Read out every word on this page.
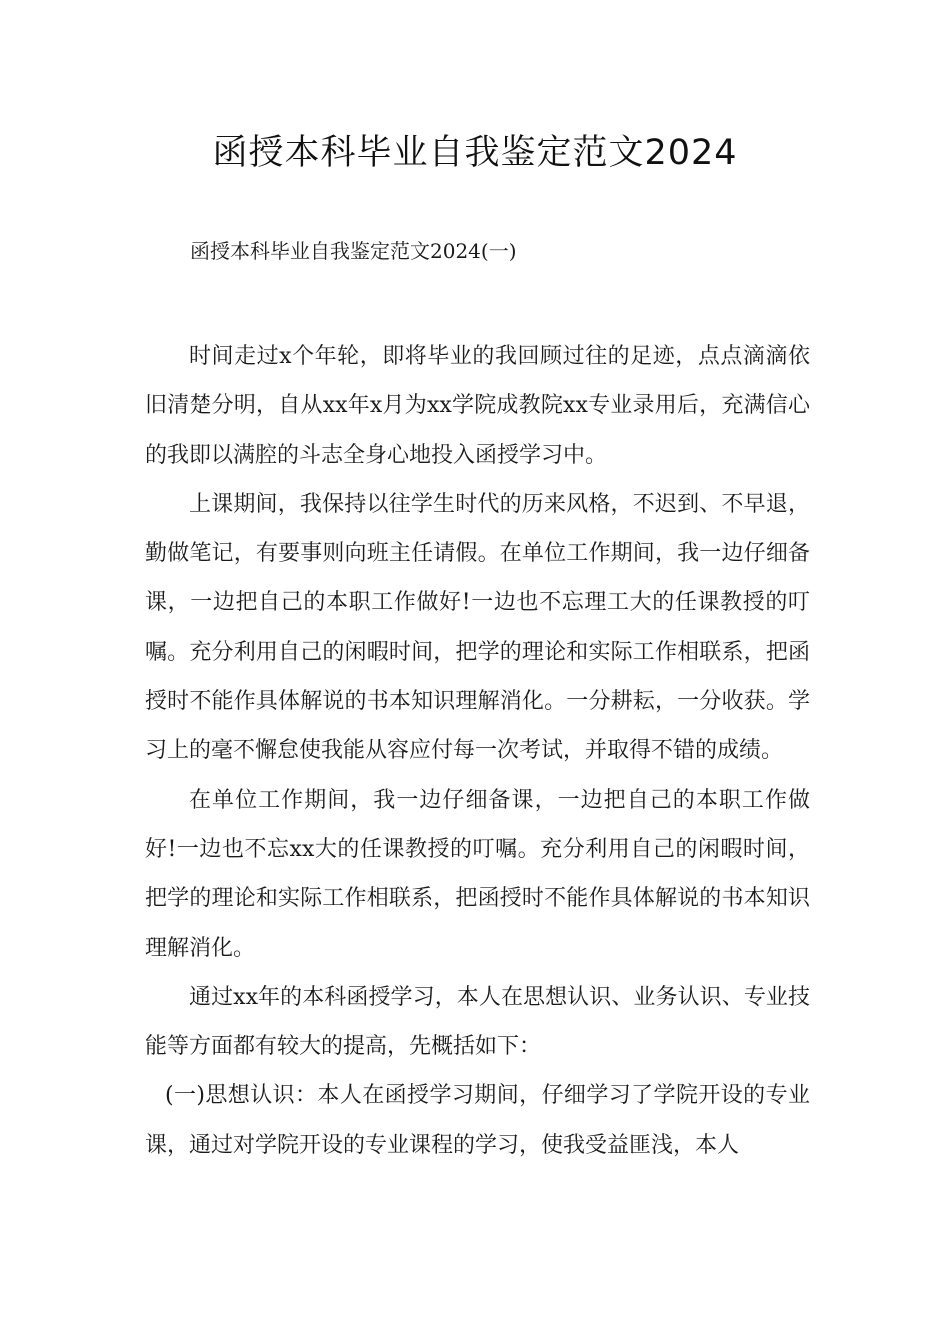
函授本科毕业自我鉴定范文2024
函授本科毕业自我鉴定范文2024(一)

时间走过x个年轮，即将毕业的我回顾过往的足迹，点点滴滴依旧清楚分明，自从xx年x月为xx学院成教院xx专业录用后，充满信心的我即以满腔的斗志全身心地投入函授学习中。

上课期间，我保持以往学生时代的历来风格，不迟到、不早退，勤做笔记，有要事则向班主任请假。在单位工作期间，我一边仔细备课，一边把自己的本职工作做好!一边也不忘理工大的任课教授的叮嘱。充分利用自己的闲暇时间，把学的理论和实际工作相联系，把函授时不能作具体解说的书本知识理解消化。一分耕耘，一分收获。学习上的毫不懈怠使我能从容应付每一次考试，并取得不错的成绩。

在单位工作期间，我一边仔细备课，一边把自己的本职工作做好!一边也不忘xx大的任课教授的叮嘱。充分利用自己的闲暇时间，把学的理论和实际工作相联系，把函授时不能作具体解说的书本知识理解消化。

通过xx年的本科函授学习，本人在思想认识、业务认识、专业技能等方面都有较大的提高，先概括如下：

(一)思想认识：本人在函授学习期间，仔细学习了学院开设的专业课，通过对学院开设的专业课程的学习，使我受益匪浅，本人
